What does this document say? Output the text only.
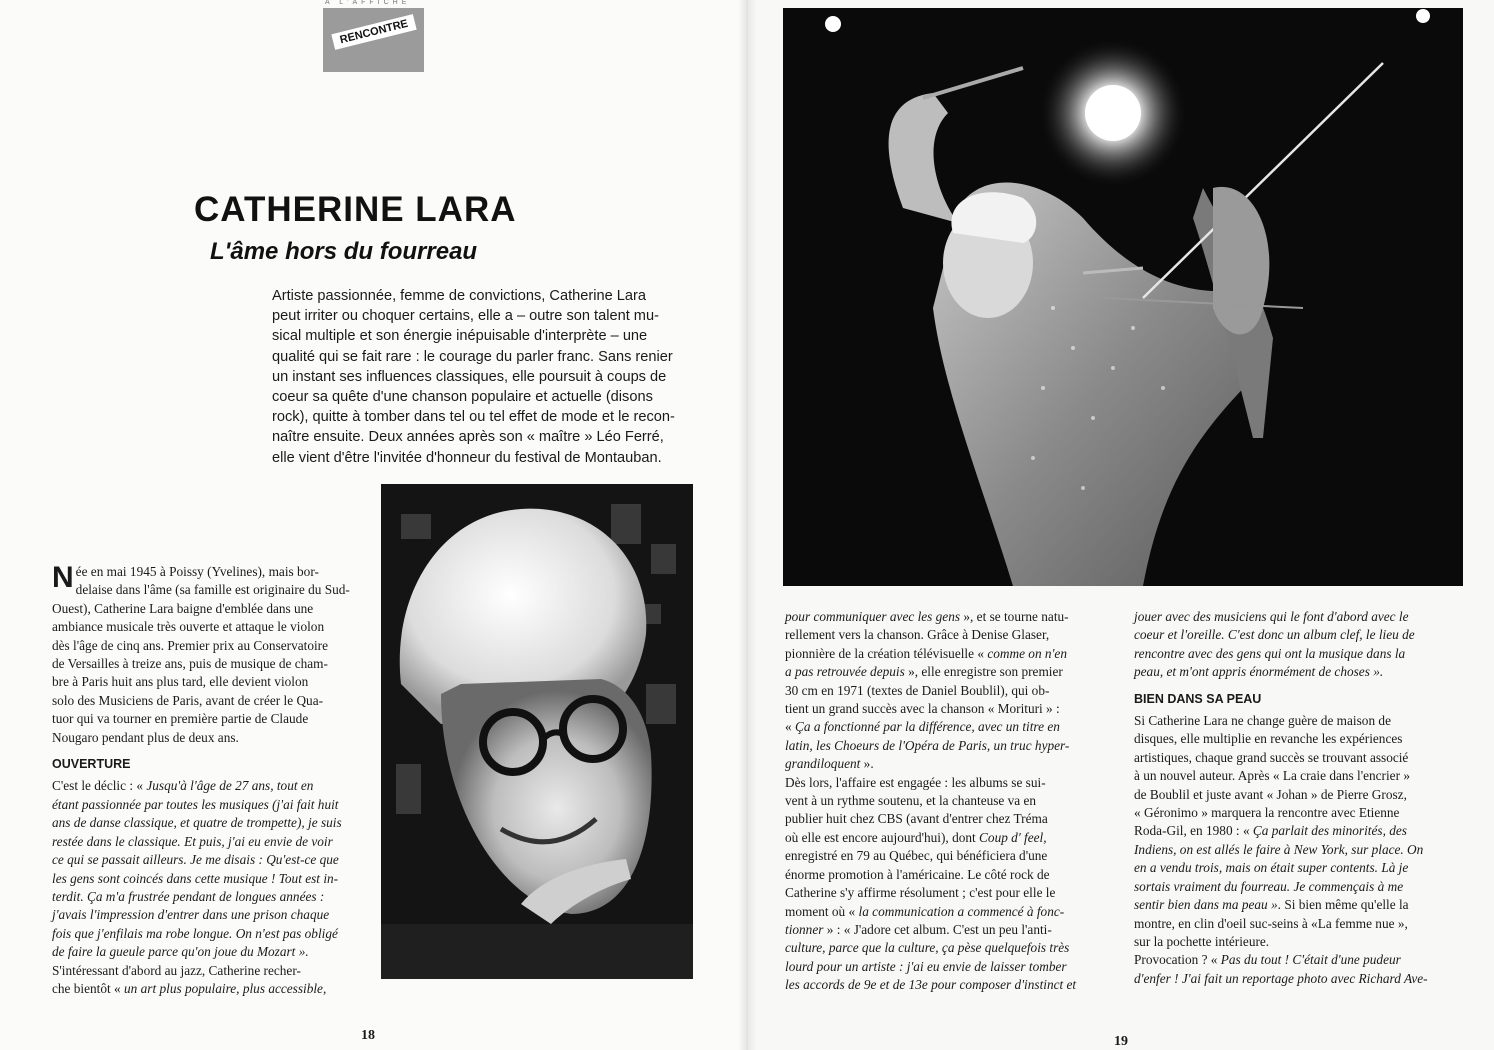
A L'AFFICHE
RENCONTRE
CATHERINE LARA
L'âme hors du fourreau
Artiste passionnée, femme de convictions, Catherine Lara
peut irriter ou choquer certains, elle a – outre son talent mu-
sical multiple et son énergie inépuisable d'interprète – une
qualité qui se fait rare : le courage du parler franc. Sans renier
un instant ses influences classiques, elle poursuit à coups de
coeur sa quête d'une chanson populaire et actuelle (disons
rock), quitte à tomber dans tel ou tel effet de mode et le recon-
naître ensuite. Deux années après son « maître » Léo Ferré,
elle vient d'être l'invitée d'honneur du festival de Montauban.
N ée en mai 1945 à Poissy (Yvelines), mais bor-
delaise dans l'âme (sa famille est originaire du Sud-
Ouest), Catherine Lara baigne d'emblée dans une
ambiance musicale très ouverte et attaque le violon
dès l'âge de cinq ans. Premier prix au Conservatoire
de Versailles à treize ans, puis de musique de cham-
bre à Paris huit ans plus tard, elle devient violon
solo des Musiciens de Paris, avant de créer le Qua-
tuor qui va tourner en première partie de Claude
Nougaro pendant plus de deux ans.
OUVERTURE
C'est le déclic : « Jusqu'à l'âge de 27 ans, tout en
étant passionnée par toutes les musiques (j'ai fait huit
ans de danse classique, et quatre de trompette), je suis
restée dans le classique. Et puis, j'ai eu envie de voir
ce qui se passait ailleurs. Je me disais : Qu'est-ce que
les gens sont coincés dans cette musique ! Tout est in-
terdit. Ça m'a frustrée pendant de longues années :
j'avais l'impression d'entrer dans une prison chaque
fois que j'enfilais ma robe longue. On n'est pas obligé
de faire la gueule parce qu'on joue du Mozart ».
S'intéressant d'abord au jazz, Catherine recher-
che bientôt « un art plus populaire, plus accessible,
pour communiquer avec les gens », et se tourne natu-
rellement vers la chanson. Grâce à Denise Glaser,
pionnière de la création télévisuelle « comme on n'en
a pas retrouvée depuis », elle enregistre son premier
30 cm en 1971 (textes de Daniel Boublil), qui ob-
tient un grand succès avec la chanson « Morituri » :
« Ça a fonctionné par la différence, avec un titre en
latin, les Choeurs de l'Opéra de Paris, un truc hyper-
grandiloquent ».
Dès lors, l'affaire est engagée : les albums se sui-
vent à un rythme soutenu, et la chanteuse va en
publier huit chez CBS (avant d'entrer chez Tréma
où elle est encore aujourd'hui), dont Coup d' feel,
enregistré en 79 au Québec, qui bénéficiera d'une
énorme promotion à l'américaine. Le côté rock de
Catherine s'y affirme résolument ; c'est pour elle le
moment où « la communication a commencé à fonc-
tionner » : « J'adore cet album. C'est un peu l'anti-
culture, parce que la culture, ça pèse quelquefois très
lourd pour un artiste : j'ai eu envie de laisser tomber
les accords de 9e et de 13e pour composer d'instinct et
jouer avec des musiciens qui le font d'abord avec le
coeur et l'oreille. C'est donc un album clef, le lieu de
rencontre avec des gens qui ont la musique dans la
peau, et m'ont appris énormément de choses ».
BIEN DANS SA PEAU
Si Catherine Lara ne change guère de maison de
disques, elle multiplie en revanche les expériences
artistiques, chaque grand succès se trouvant associé
à un nouvel auteur. Après « La craie dans l'encrier »
de Boublil et juste avant « Johan » de Pierre Grosz,
« Géronimo » marquera la rencontre avec Etienne
Roda-Gil, en 1980 : « Ça parlait des minorités, des
Indiens, on est allés le faire à New York, sur place. On
en a vendu trois, mais on était super contents. Là je
sortais vraiment du fourreau. Je commençais à me
sentir bien dans ma peau ». Si bien même qu'elle la
montre, en clin d'oeil suc-seins à «La femme nue »,
sur la pochette intérieure.
Provocation ? « Pas du tout ! C'était d'une pudeur
d'enfer ! J'ai fait un reportage photo avec Richard Ave-
18	19
